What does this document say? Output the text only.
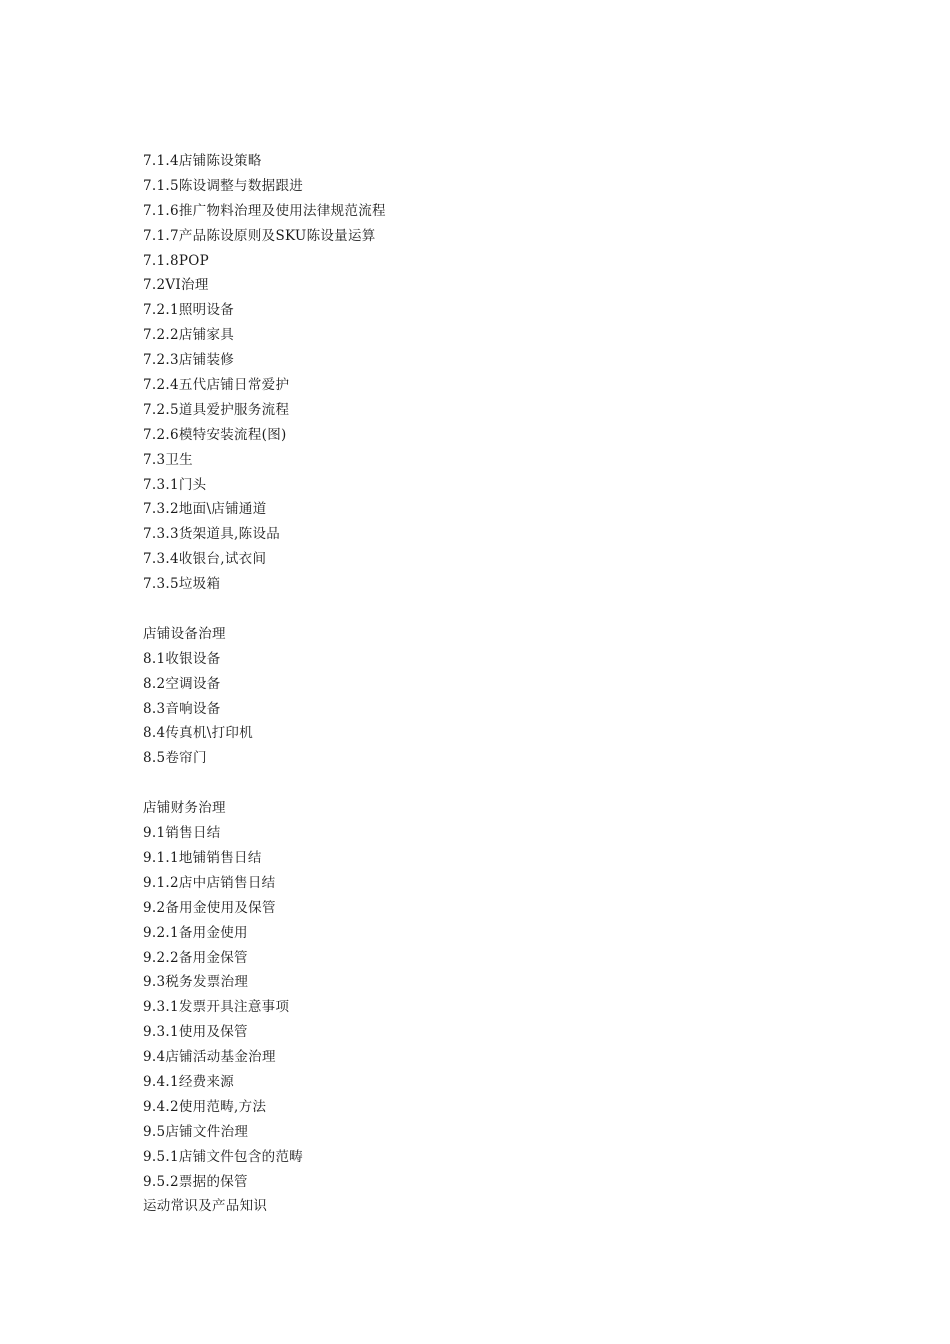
7.1.4店铺陈设策略
7.1.5陈设调整与数据跟进
7.1.6推广物料治理及使用法律规范流程
7.1.7产品陈设原则及SKU陈设量运算
7.1.8POP
7.2VI治理
7.2.1照明设备
7.2.2店铺家具
7.2.3店铺装修
7.2.4五代店铺日常爱护
7.2.5道具爱护服务流程
7.2.6模特安装流程(图)
7.3卫生
7.3.1门头
7.3.2地面\店铺通道
7.3.3货架道具,陈设品
7.3.4收银台,试衣间
7.3.5垃圾箱
店铺设备治理
8.1收银设备
8.2空调设备
8.3音响设备
8.4传真机\打印机
8.5卷帘门
店铺财务治理
9.1销售日结
9.1.1地铺销售日结
9.1.2店中店销售日结
9.2备用金使用及保管
9.2.1备用金使用
9.2.2备用金保管
9.3税务发票治理
9.3.1发票开具注意事项
9.3.1使用及保管
9.4店铺活动基金治理
9.4.1经费来源
9.4.2使用范畴,方法
9.5店铺文件治理
9.5.1店铺文件包含的范畴
9.5.2票据的保管
运动常识及产品知识
